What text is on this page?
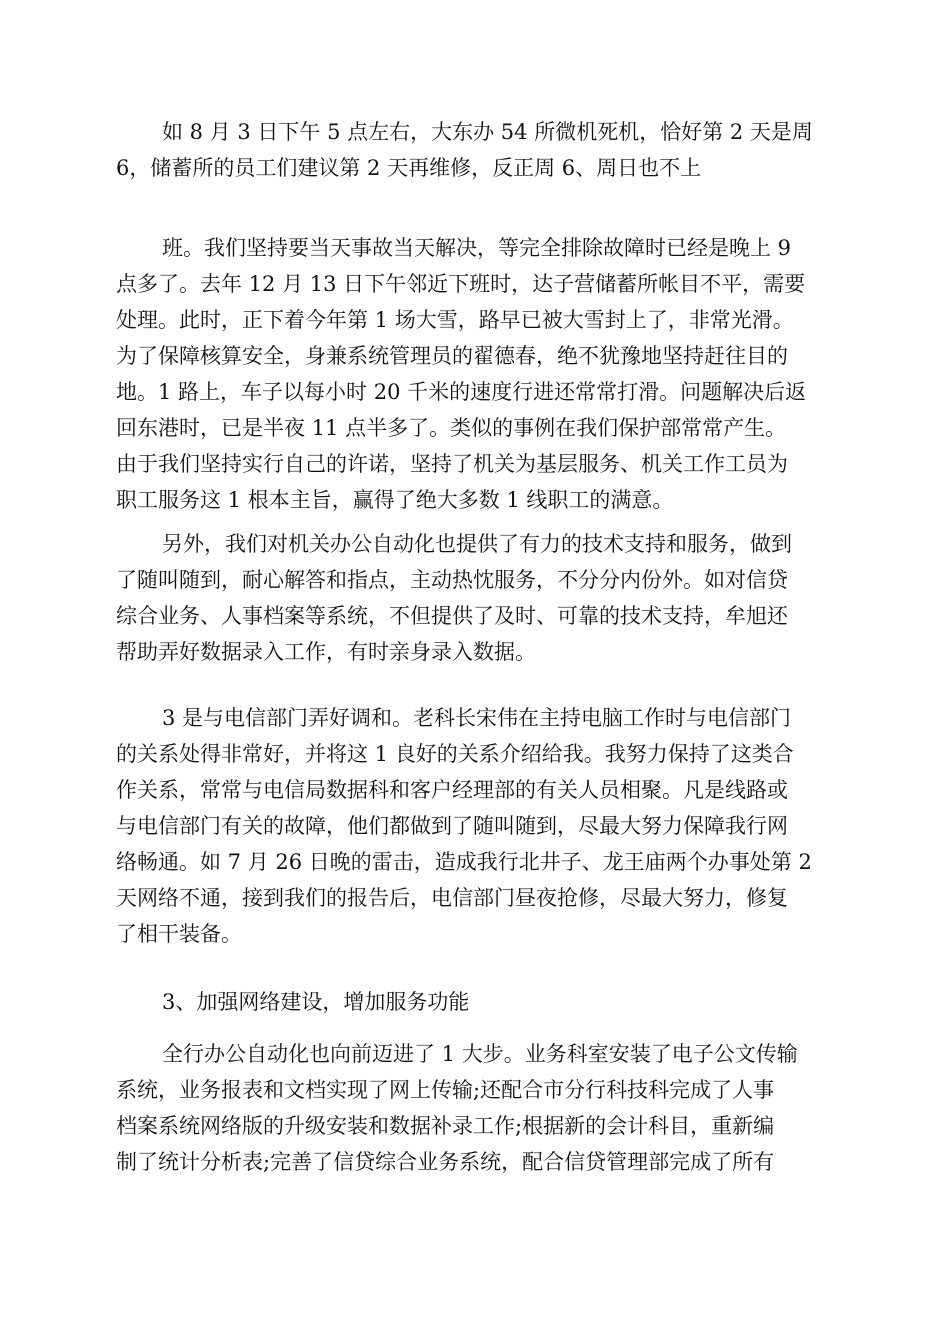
如 8 月 3 日下午 5 点左右，大东办 54 所微机死机，恰好第 2 天是周
6，储蓄所的员工们建议第 2 天再维修，反正周 6、周日也不上

班。我们坚持要当天事故当天解决，等完全排除故障时已经是晚上 9
点多了。去年 12 月 13 日下午邻近下班时，达子营储蓄所帐目不平，需要
处理。此时，正下着今年第 1 场大雪，路早已被大雪封上了，非常光滑。
为了保障核算安全，身兼系统管理员的翟德春，绝不犹豫地坚持赶往目的
地。1 路上，车子以每小时 20 千米的速度行进还常常打滑。问题解决后返
回东港时，已是半夜 11 点半多了。类似的事例在我们保护部常常产生。
由于我们坚持实行自己的许诺，坚持了机关为基层服务、机关工作工员为
职工服务这 1 根本主旨，赢得了绝大多数 1 线职工的满意。

另外，我们对机关办公自动化也提供了有力的技术支持和服务，做到
了随叫随到，耐心解答和指点，主动热忱服务，不分分内份外。如对信贷
综合业务、人事档案等系统，不但提供了及时、可靠的技术支持，牟旭还
帮助弄好数据录入工作，有时亲身录入数据。

3 是与电信部门弄好调和。老科长宋伟在主持电脑工作时与电信部门
的关系处得非常好，并将这 1 良好的关系介绍给我。我努力保持了这类合
作关系，常常与电信局数据科和客户经理部的有关人员相聚。凡是线路或
与电信部门有关的故障，他们都做到了随叫随到，尽最大努力保障我行网
络畅通。如 7 月 26 日晚的雷击，造成我行北井子、龙王庙两个办事处第 2
天网络不通，接到我们的报告后，电信部门昼夜抢修，尽最大努力，修复
了相干装备。

3、加强网络建设，增加服务功能

全行办公自动化也向前迈进了 1 大步。业务科室安装了电子公文传输
系统，业务报表和文档实现了网上传输;还配合市分行科技科完成了人事
档案系统网络版的升级安装和数据补录工作;根据新的会计科目，重新编
制了统计分析表;完善了信贷综合业务系统，配合信贷管理部完成了所有
